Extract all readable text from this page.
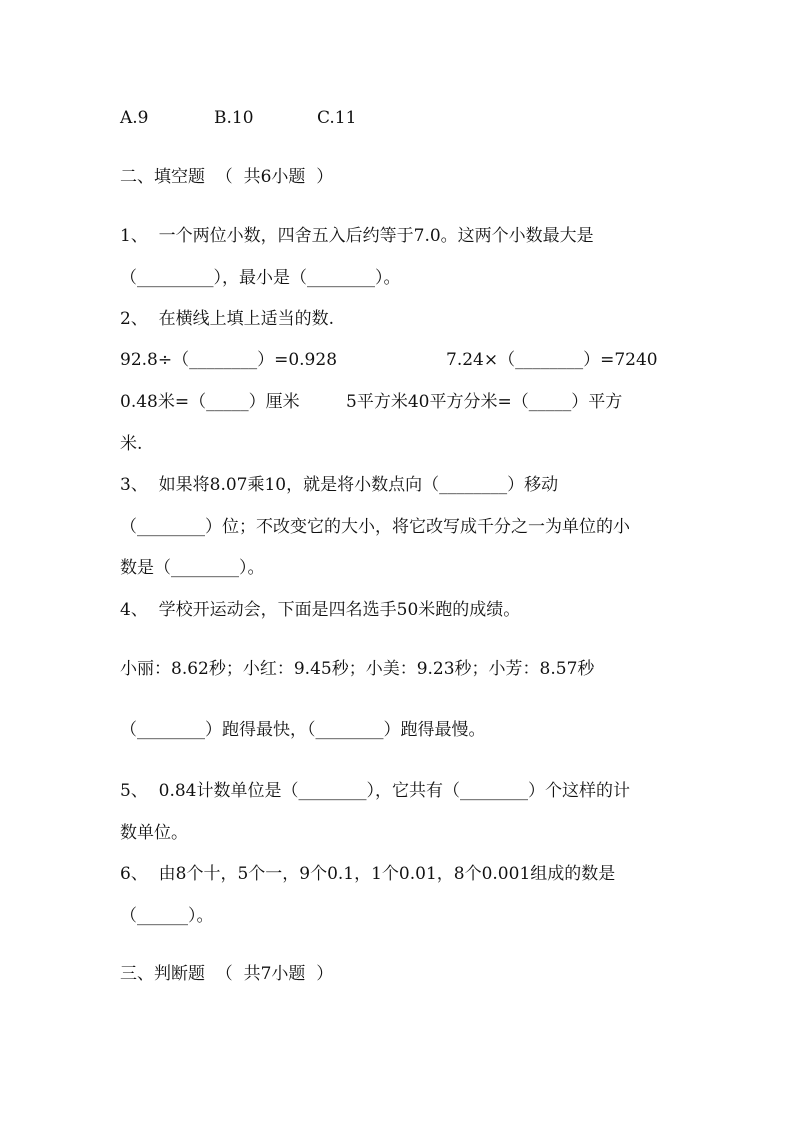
A.9	B.10	C.11
二、填空题  （  共6小题  ）
1、  一个两位小数，四舍五入后约等于7.0。这两个小数最大是
（_________），最小是（________）。
2、  在横线上填上适当的数.
92.8÷（________）=0.928	7.24×（________）=7240
0.48米=（_____）厘米	5平方米40平方分米=（_____）平方
米.
3、  如果将8.07乘10，就是将小数点向（________）移动
（________）位；不改变它的大小，将它改写成千分之一为单位的小
数是（________）。
4、  学校开运动会，下面是四名选手50米跑的成绩。
小丽：8.62秒；小红：9.45秒；小美：9.23秒；小芳：8.57秒
（________）跑得最快，（________）跑得最慢。
5、  0.84计数单位是（________），它共有（________）个这样的计
数单位。
6、  由8个十，5个一，9个0.1，1个0.01，8个0.001组成的数是
（______）。
三、判断题  （  共7小题  ）
